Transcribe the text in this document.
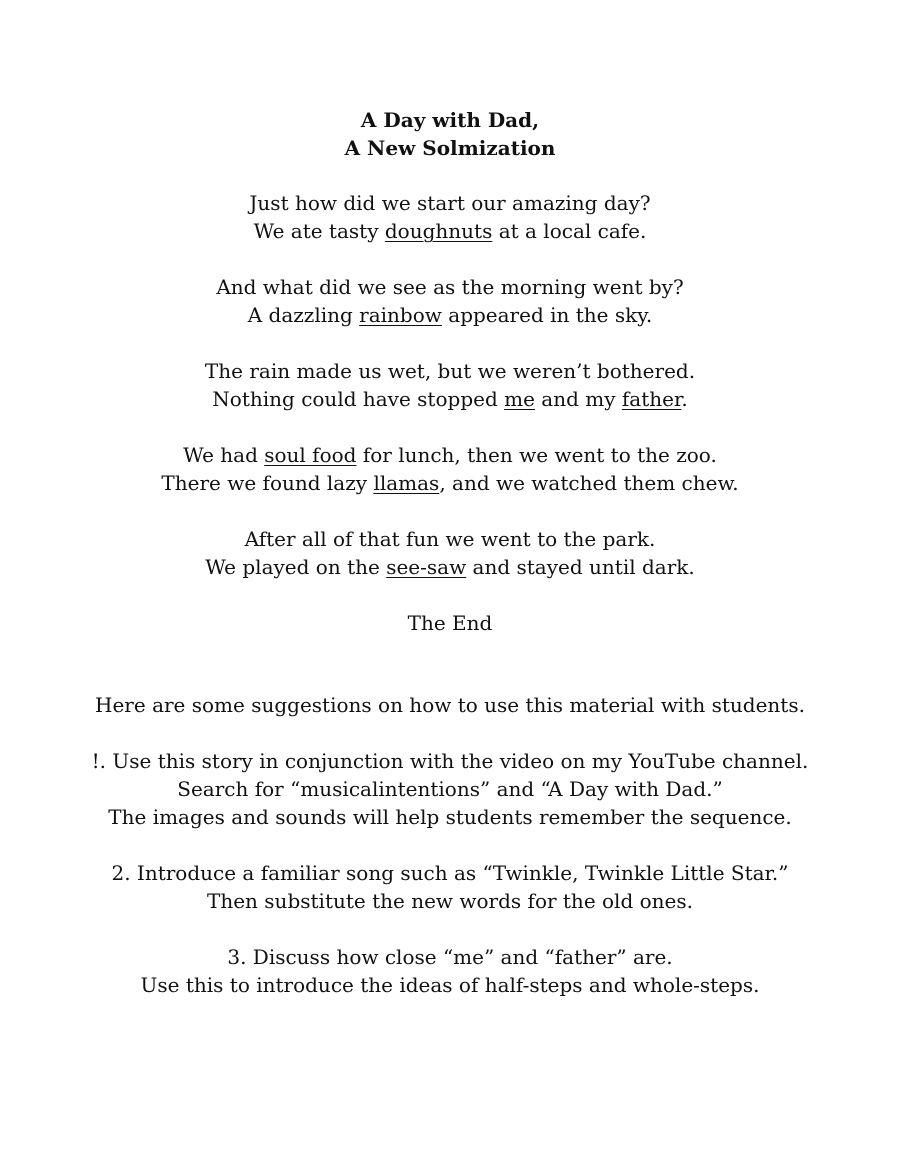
A Day with Dad,
A New Solmization
Just how did we start our amazing day?
We ate tasty doughnuts at a local cafe.
And what did we see as the morning went by?
A dazzling rainbow appeared in the sky.
The rain made us wet, but we weren’t bothered.
Nothing could have stopped me and my father.
We had soul food for lunch, then we went to the zoo.
There we found lazy llamas, and we watched them chew.
After all of that fun we went to the park.
We played on the see-saw and stayed until dark.
The End
Here are some suggestions on how to use this material with students.
!. Use this story in conjunction with the video on my YouTube channel.
Search for “musicalintentions” and “A Day with Dad.”
The images and sounds will help students remember the sequence.
2. Introduce a familiar song such as “Twinkle, Twinkle Little Star.”
Then substitute the new words for the old ones.
3. Discuss how close “me” and “father” are.
Use this to introduce the ideas of half-steps and whole-steps.
